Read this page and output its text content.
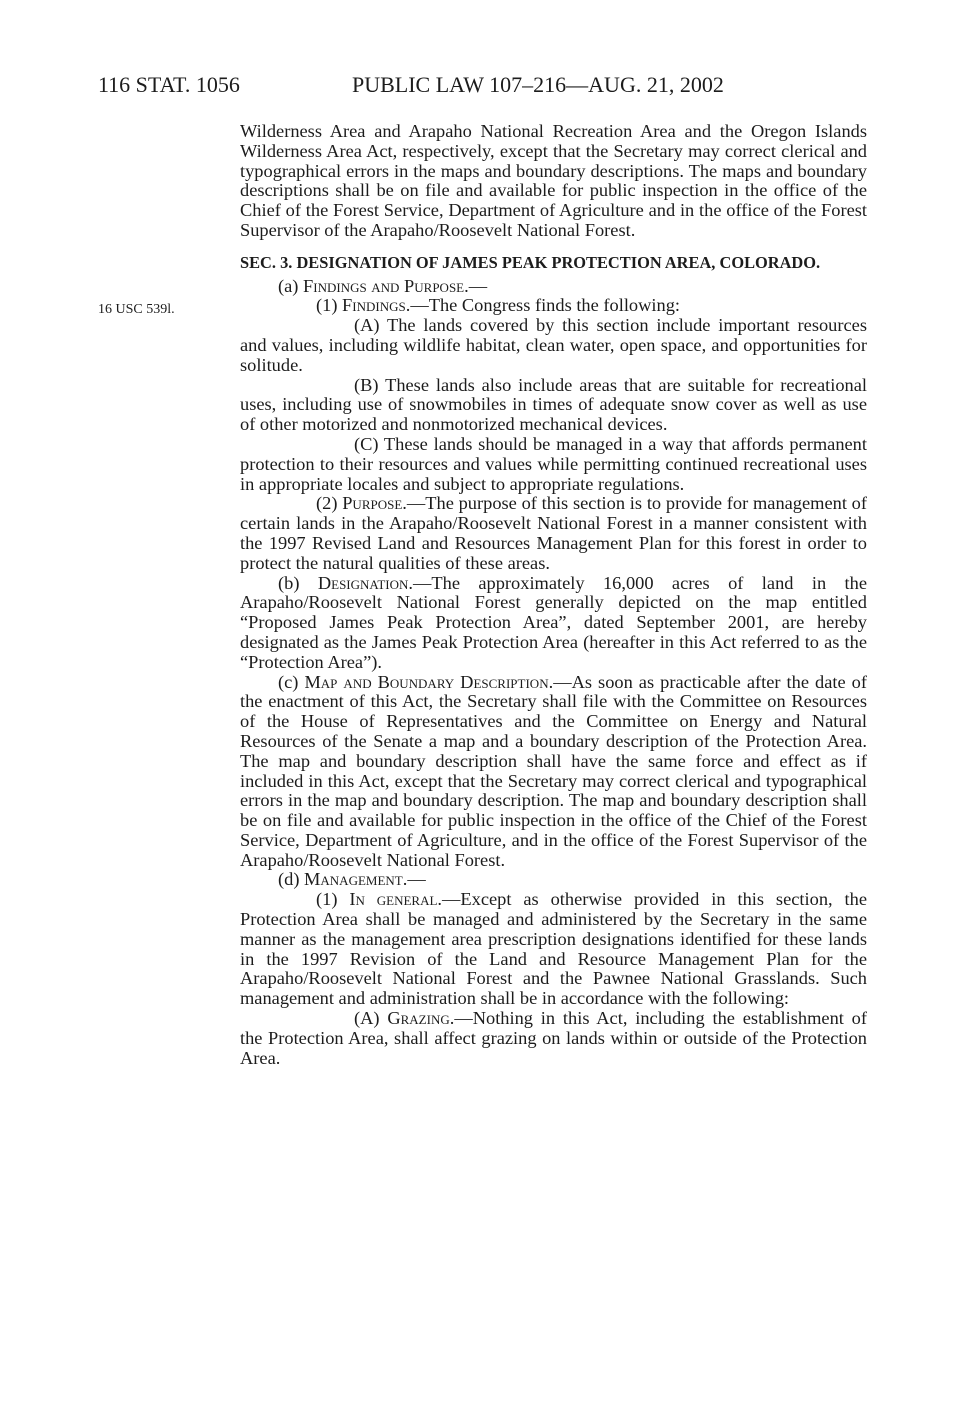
116 STAT. 1056	PUBLIC LAW 107–216—AUG. 21, 2002
16 USC 539l.

Wilderness Area and Arapaho National Recreation Area and the Oregon Islands Wilderness Area Act, respectively, except that the Secretary may correct clerical and typographical errors in the maps and boundary descriptions. The maps and boundary descriptions shall be on file and available for public inspection in the office of the Chief of the Forest Service, Department of Agriculture and in the office of the Forest Supervisor of the Arapaho/Roosevelt National Forest.

SEC. 3. DESIGNATION OF JAMES PEAK PROTECTION AREA, COLORADO.

(a) Findings and Purpose.—

(1) Findings.—The Congress finds the following:

(A) The lands covered by this section include important resources and values, including wildlife habitat, clean water, open space, and opportunities for solitude.

(B) These lands also include areas that are suitable for recreational uses, including use of snowmobiles in times of adequate snow cover as well as use of other motorized and nonmotorized mechanical devices.

(C) These lands should be managed in a way that affords permanent protection to their resources and values while permitting continued recreational uses in appropriate locales and subject to appropriate regulations.

(2) Purpose.—The purpose of this section is to provide for management of certain lands in the Arapaho/Roosevelt National Forest in a manner consistent with the 1997 Revised Land and Resources Management Plan for this forest in order to protect the natural qualities of these areas.

(b) Designation.—The approximately 16,000 acres of land in the Arapaho/Roosevelt National Forest generally depicted on the map entitled “Proposed James Peak Protection Area”, dated September 2001, are hereby designated as the James Peak Protection Area (hereafter in this Act referred to as the “Protection Area”).

(c) Map and Boundary Description.—As soon as practicable after the date of the enactment of this Act, the Secretary shall file with the Committee on Resources of the House of Representatives and the Committee on Energy and Natural Resources of the Senate a map and a boundary description of the Protection Area. The map and boundary description shall have the same force and effect as if included in this Act, except that the Secretary may correct clerical and typographical errors in the map and boundary description. The map and boundary description shall be on file and available for public inspection in the office of the Chief of the Forest Service, Department of Agriculture, and in the office of the Forest Supervisor of the Arapaho/Roosevelt National Forest.

(d) Management.—

(1) In general.—Except as otherwise provided in this section, the Protection Area shall be managed and administered by the Secretary in the same manner as the management area prescription designations identified for these lands in the 1997 Revision of the Land and Resource Management Plan for the Arapaho/Roosevelt National Forest and the Pawnee National Grasslands. Such management and administration shall be in accordance with the following:

(A) Grazing.—Nothing in this Act, including the establishment of the Protection Area, shall affect grazing on lands within or outside of the Protection Area.
